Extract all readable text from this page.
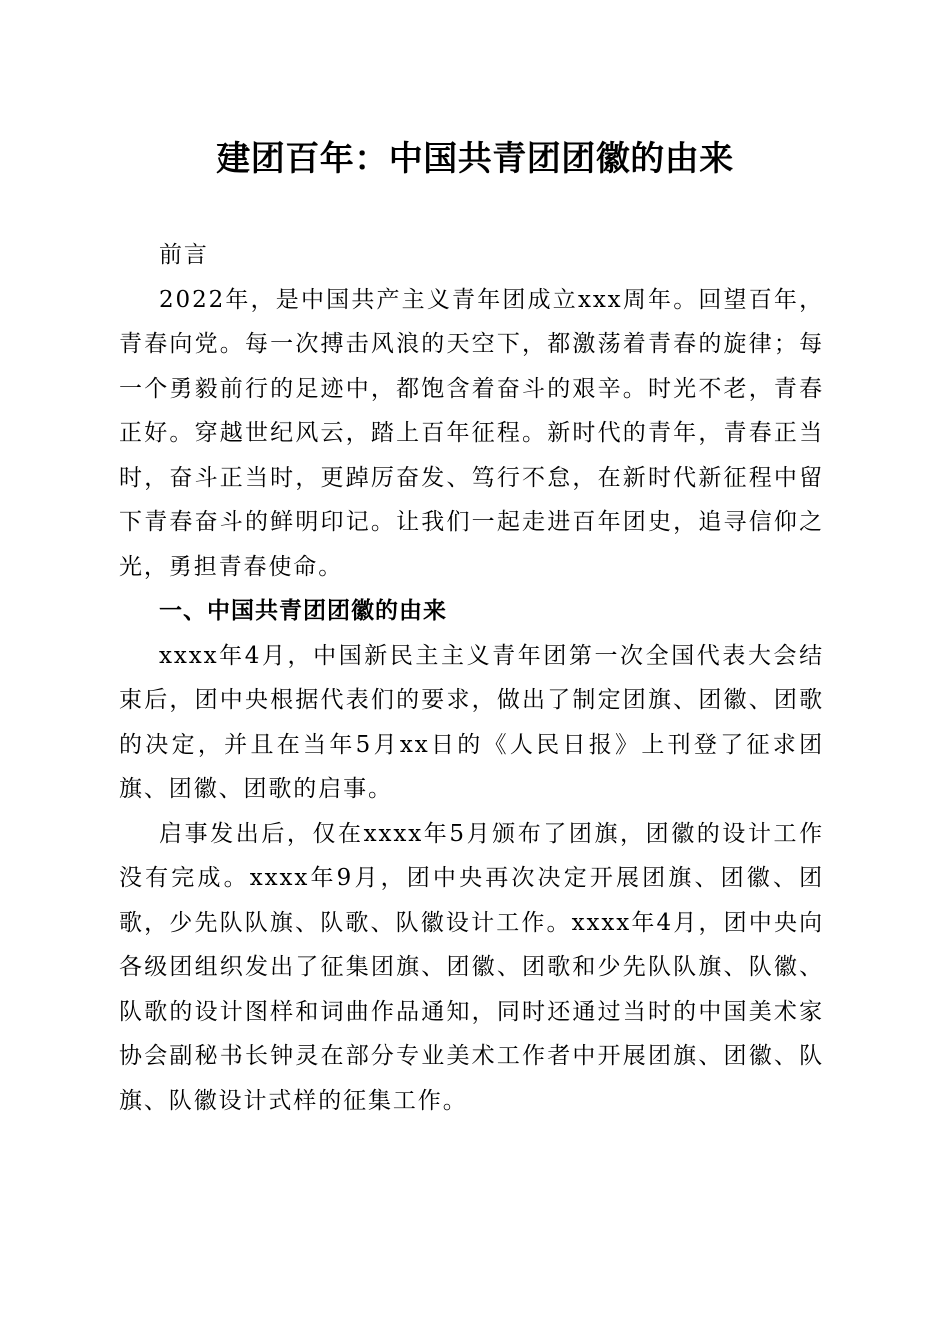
建团百年：中国共青团团徽的由来

前言

2022年，是中国共产主义青年团成立xxx周年。回望百年，青春向党。每一次搏击风浪的天空下，都激荡着青春的旋律；每一个勇毅前行的足迹中，都饱含着奋斗的艰辛。时光不老，青春正好。穿越世纪风云，踏上百年征程。新时代的青年，青春正当时，奋斗正当时，更踔厉奋发、笃行不怠，在新时代新征程中留下青春奋斗的鲜明印记。让我们一起走进百年团史，追寻信仰之光，勇担青春使命。

一、中国共青团团徽的由来

xxxx年4月，中国新民主主义青年团第一次全国代表大会结束后，团中央根据代表们的要求，做出了制定团旗、团徽、团歌的决定，并且在当年5月xx日的《人民日报》上刊登了征求团旗、团徽、团歌的启事。

启事发出后，仅在xxxx年5月颁布了团旗，团徽的设计工作没有完成。xxxx年9月，团中央再次决定开展团旗、团徽、团歌，少先队队旗、队歌、队徽设计工作。xxxx年4月，团中央向各级团组织发出了征集团旗、团徽、团歌和少先队队旗、队徽、队歌的设计图样和词曲作品通知，同时还通过当时的中国美术家协会副秘书长钟灵在部分专业美术工作者中开展团旗、团徽、队旗、队徽设计式样的征集工作。
